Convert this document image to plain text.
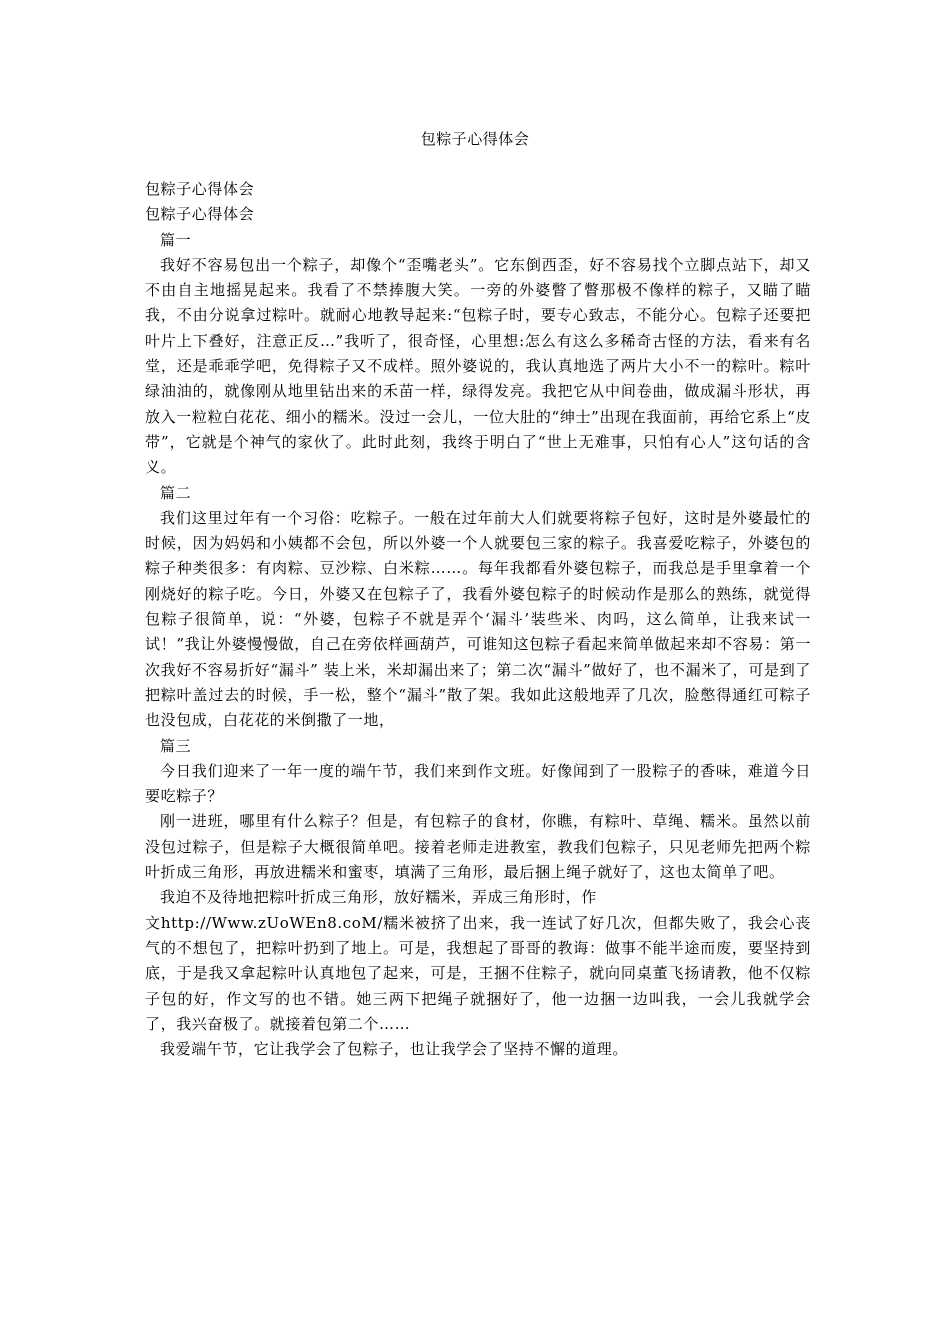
包粽子心得体会

包粽子心得体会

包粽子心得体会

篇一

我好不容易包出一个粽子，却像个“歪嘴老头”。它东倒西歪，好不容易找个立脚点站下，却又不由自主地摇晃起来。我看了不禁捧腹大笑。一旁的外婆瞥了瞥那极不像样的粽子，又瞄了瞄我，不由分说拿过粽叶。就耐心地教导起来:“包粽子时，要专心致志，不能分心。包粽子还要把叶片上下叠好，注意正反…”我听了，很奇怪，心里想:怎么有这么多稀奇古怪的方法，看来有名堂，还是乖乖学吧，免得粽子又不成样。照外婆说的，我认真地选了两片大小不一的粽叶。粽叶绿油油的，就像刚从地里钻出来的禾苗一样，绿得发亮。我把它从中间卷曲，做成漏斗形状，再放入一粒粒白花花、细小的糯米。没过一会儿，一位大肚的“绅士”出现在我面前，再给它系上“皮带”，它就是个神气的家伙了。此时此刻，我终于明白了“世上无难事，只怕有心人”这句话的含义。

篇二

我们这里过年有一个习俗：吃粽子。一般在过年前大人们就要将粽子包好，这时是外婆最忙的时候，因为妈妈和小姨都不会包，所以外婆一个人就要包三家的粽子。我喜爱吃粽子，外婆包的粽子种类很多：有肉粽、豆沙粽、白米粽……。每年我都看外婆包粽子，而我总是手里拿着一个刚烧好的粽子吃。今日，外婆又在包粽子了，我看外婆包粽子的时候动作是那么的熟练，就觉得包粽子很简单，说：“外婆，包粽子不就是弄个‘漏斗’装些米、肉吗，这么简单，让我来试一试！”我让外婆慢慢做，自己在旁依样画葫芦，可谁知这包粽子看起来简单做起来却不容易：第一次我好不容易折好“漏斗” 装上米，米却漏出来了；第二次“漏斗”做好了，也不漏米了，可是到了把粽叶盖过去的时候，手一松，整个“漏斗”散了架。我如此这般地弄了几次，脸憋得通红可粽子也没包成，白花花的米倒撒了一地，

篇三

今日我们迎来了一年一度的端午节，我们来到作文班。好像闻到了一股粽子的香味，难道今日要吃粽子？

刚一进班，哪里有什么粽子？但是，有包粽子的食材，你瞧，有粽叶、草绳、糯米。虽然以前没包过粽子，但是粽子大概很简单吧。接着老师走进教室，教我们包粽子，只见老师先把两个粽叶折成三角形，再放进糯米和蜜枣，填满了三角形，最后捆上绳子就好了，这也太简单了吧。

我迫不及待地把粽叶折成三角形，放好糯米，弄成三角形时，作

文http://Www.zUoWEn8.coM/糯米被挤了出来，我一连试了好几次，但都失败了，我会心丧气的不想包了，把粽叶扔到了地上。可是，我想起了哥哥的教诲：做事不能半途而废，要坚持到底，于是我又拿起粽叶认真地包了起来，可是，王捆不住粽子，就向同桌董飞扬请教，他不仅粽子包的好，作文写的也不错。她三两下把绳子就捆好了，他一边捆一边叫我，一会儿我就学会了，我兴奋极了。就接着包第二个……

我爱端午节，它让我学会了包粽子，也让我学会了坚持不懈的道理。
